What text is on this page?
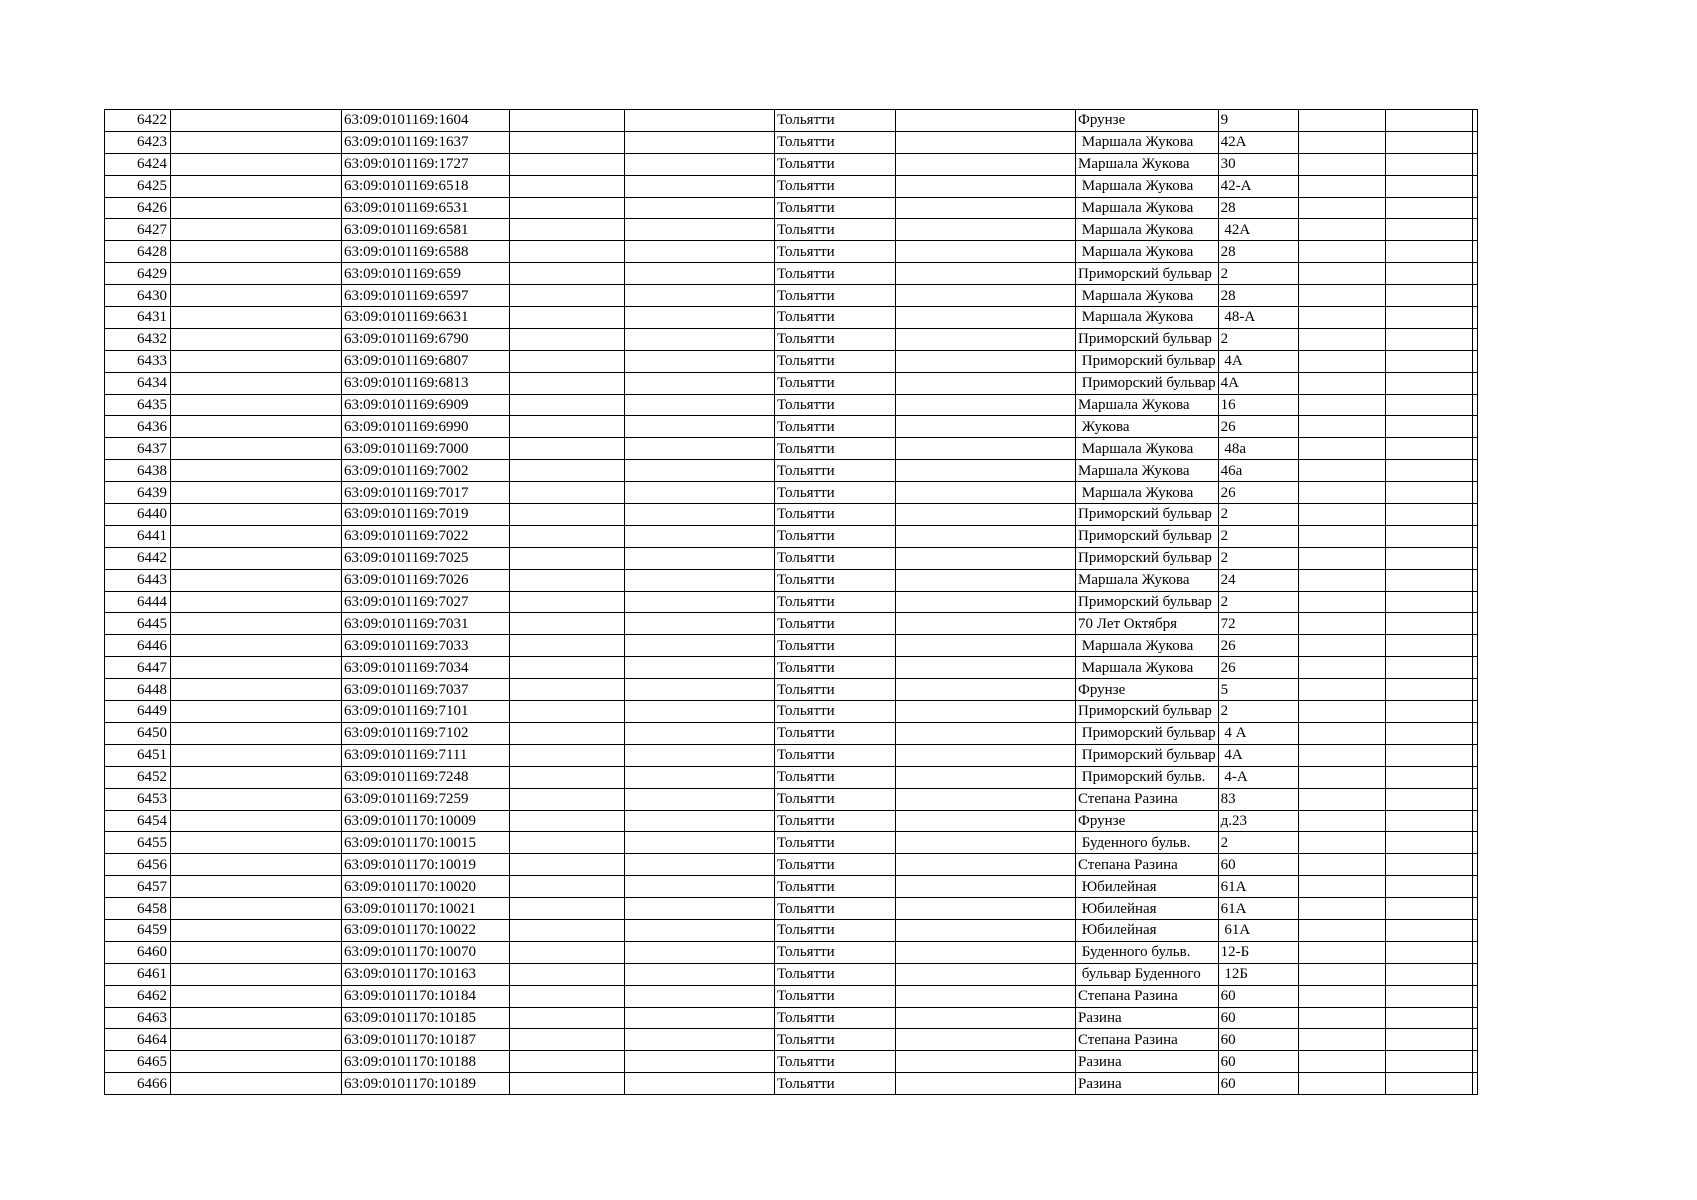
6422		63:09:0101169:1604			Тольятти		Фрунзе	9			
6423		63:09:0101169:1637			Тольятти		Маршала Жукова	42А			
6424		63:09:0101169:1727			Тольятти		Маршала Жукова	30			
6425		63:09:0101169:6518			Тольятти		Маршала Жукова	42-А			
6426		63:09:0101169:6531			Тольятти		Маршала Жукова	28			
6427		63:09:0101169:6581			Тольятти		Маршала Жукова	42А			
6428		63:09:0101169:6588			Тольятти		Маршала Жукова	28			
6429		63:09:0101169:659			Тольятти		Приморский бульвар	2			
6430		63:09:0101169:6597			Тольятти		Маршала Жукова	28			
6431		63:09:0101169:6631			Тольятти		Маршала Жукова	48-А			
6432		63:09:0101169:6790			Тольятти		Приморский бульвар	2			
6433		63:09:0101169:6807			Тольятти		Приморский бульвар	4А			
6434		63:09:0101169:6813			Тольятти		Приморский бульвар	4А			
6435		63:09:0101169:6909			Тольятти		Маршала Жукова	16			
6436		63:09:0101169:6990			Тольятти		Жукова	26			
6437		63:09:0101169:7000			Тольятти		Маршала Жукова	48а			
6438		63:09:0101169:7002			Тольятти		Маршала Жукова	46а			
6439		63:09:0101169:7017			Тольятти		Маршала Жукова	26			
6440		63:09:0101169:7019			Тольятти		Приморский бульвар	2			
6441		63:09:0101169:7022			Тольятти		Приморский бульвар	2			
6442		63:09:0101169:7025			Тольятти		Приморский бульвар	2			
6443		63:09:0101169:7026			Тольятти		Маршала Жукова	24			
6444		63:09:0101169:7027			Тольятти		Приморский бульвар	2			
6445		63:09:0101169:7031			Тольятти		70 Лет Октября	72			
6446		63:09:0101169:7033			Тольятти		Маршала Жукова	26			
6447		63:09:0101169:7034			Тольятти		Маршала Жукова	26			
6448		63:09:0101169:7037			Тольятти		Фрунзе	5			
6449		63:09:0101169:7101			Тольятти		Приморский бульвар	2			
6450		63:09:0101169:7102			Тольятти		Приморский бульвар	4 А			
6451		63:09:0101169:7111			Тольятти		Приморский бульвар	4А			
6452		63:09:0101169:7248			Тольятти		Приморский бульв.	4-А			
6453		63:09:0101169:7259			Тольятти		Степана Разина	83			
6454		63:09:0101170:10009			Тольятти		Фрунзе	д.23			
6455		63:09:0101170:10015			Тольятти		Буденного бульв.	2			
6456		63:09:0101170:10019			Тольятти		Степана Разина	60			
6457		63:09:0101170:10020			Тольятти		Юбилейная	61А			
6458		63:09:0101170:10021			Тольятти		Юбилейная	61А			
6459		63:09:0101170:10022			Тольятти		Юбилейная	61А			
6460		63:09:0101170:10070			Тольятти		Буденного бульв.	12-Б			
6461		63:09:0101170:10163			Тольятти		бульвар Буденного	12Б			
6462		63:09:0101170:10184			Тольятти		Степана Разина	60			
6463		63:09:0101170:10185			Тольятти		Разина	60			
6464		63:09:0101170:10187			Тольятти		Степана Разина	60			
6465		63:09:0101170:10188			Тольятти		Разина	60			
6466		63:09:0101170:10189			Тольятти		Разина	60			
